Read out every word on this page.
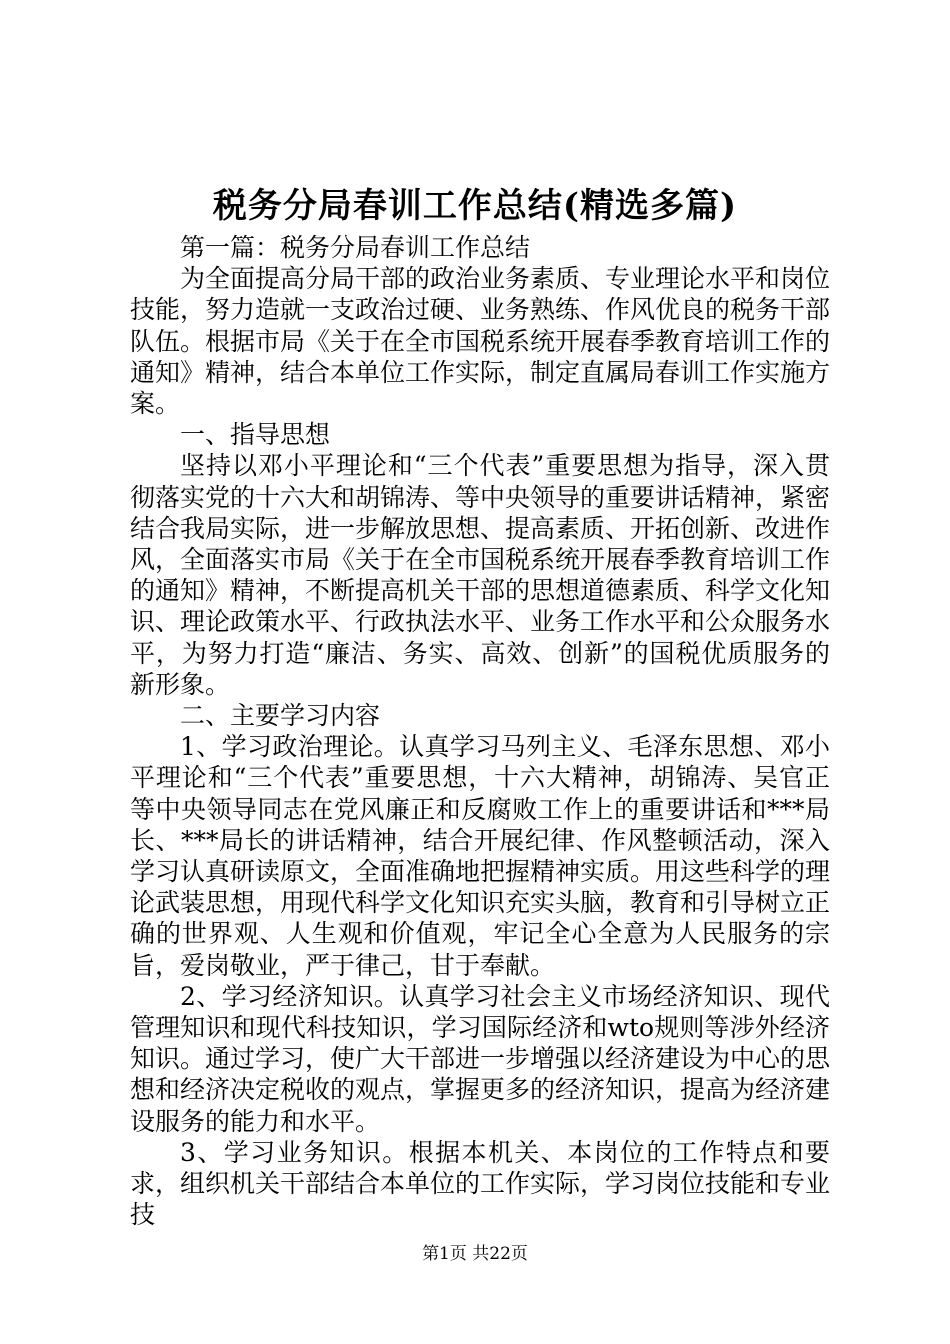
税务分局春训工作总结(精选多篇)

第一篇：税务分局春训工作总结

为全面提高分局干部的政治业务素质、专业理论水平和岗位技能，努力造就一支政治过硬、业务熟练、作风优良的税务干部队伍。根据市局《关于在全市国税系统开展春季教育培训工作的通知》精神，结合本单位工作实际，制定直属局春训工作实施方案。

一、指导思想

坚持以邓小平理论和“三个代表”重要思想为指导，深入贯彻落实党的十六大和胡锦涛、等中央领导的重要讲话精神，紧密结合我局实际，进一步解放思想、提高素质、开拓创新、改进作风，全面落实市局《关于在全市国税系统开展春季教育培训工作的通知》精神，不断提高机关干部的思想道德素质、科学文化知识、理论政策水平、行政执法水平、业务工作水平和公众服务水平，为努力打造“廉洁、务实、高效、创新”的国税优质服务的新形象。

二、主要学习内容

1、学习政治理论。认真学习马列主义、毛泽东思想、邓小平理论和“三个代表”重要思想，十六大精神，胡锦涛、吴官正等中央领导同志在党风廉正和反腐败工作上的重要讲话和***局长、***局长的讲话精神，结合开展纪律、作风整顿活动，深入学习认真研读原文，全面准确地把握精神实质。用这些科学的理论武装思想，用现代科学文化知识充实头脑，教育和引导树立正确的世界观、人生观和价值观，牢记全心全意为人民服务的宗旨，爱岗敬业，严于律己，甘于奉献。

2、学习经济知识。认真学习社会主义市场经济知识、现代管理知识和现代科技知识，学习国际经济和wto规则等涉外经济知识。通过学习，使广大干部进一步增强以经济建设为中心的思想和经济决定税收的观点，掌握更多的经济知识，提高为经济建设服务的能力和水平。

3、学习业务知识。根据本机关、本岗位的工作特点和要求，组织机关干部结合本单位的工作实际，学习岗位技能和专业技

第1页 共22页
